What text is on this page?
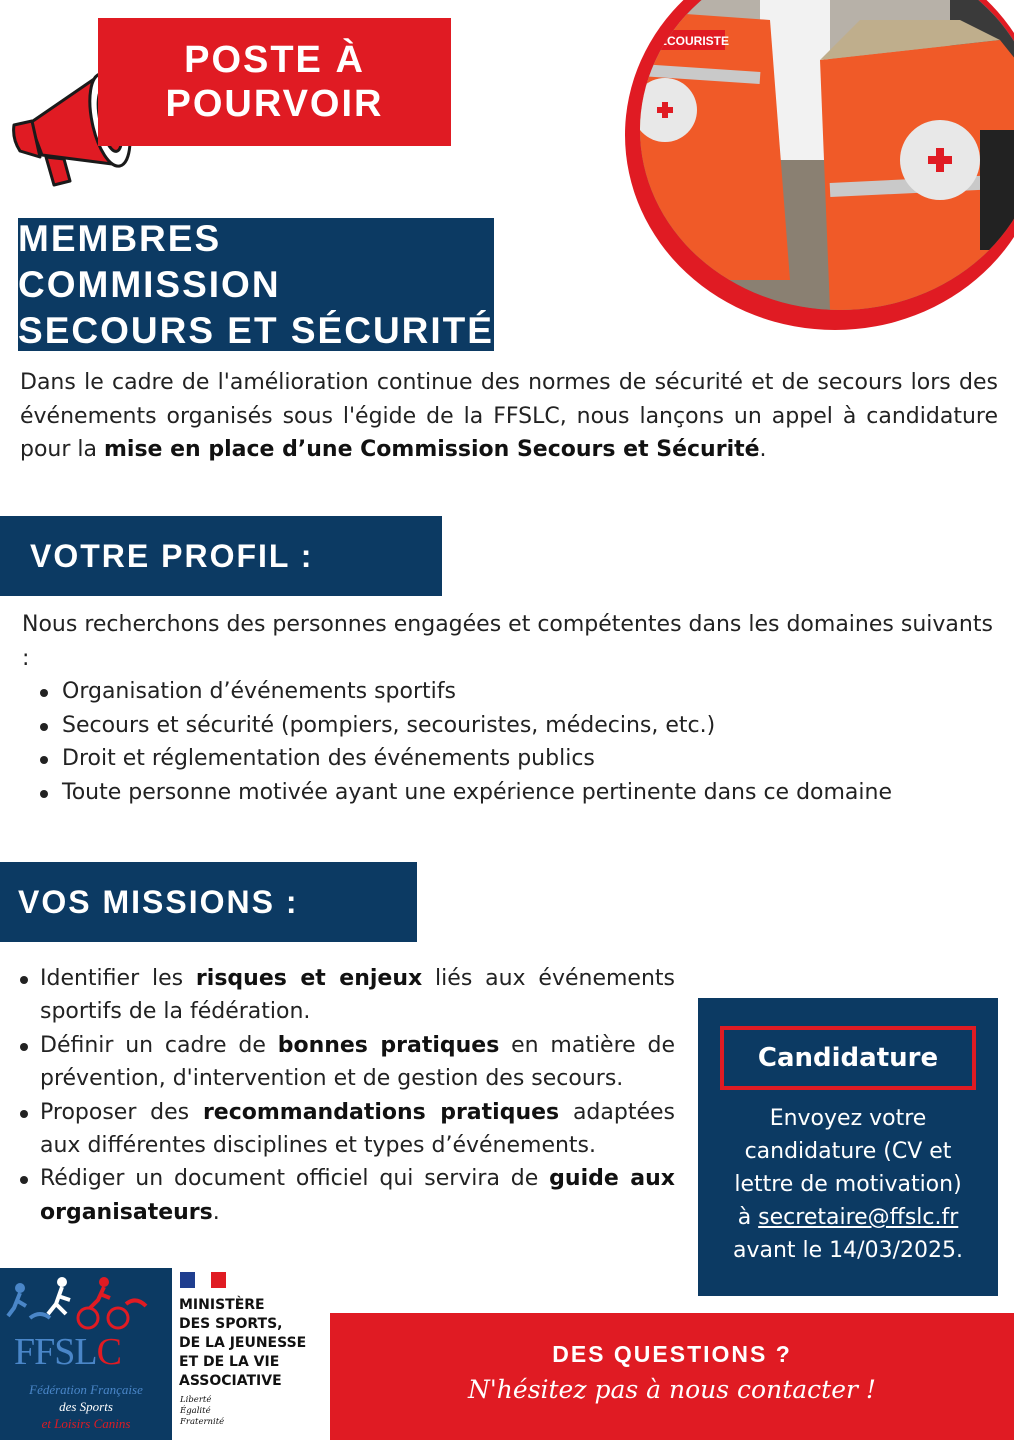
POSTE À
POURVOIR
SECOURISTE
MEMBRES COMMISSION
SECOURS ET SÉCURITÉ

Dans le cadre de l'amélioration continue des normes de sécurité et de secours lors des événements organisés sous l'égide de la FFSLC, nous lançons un appel à candidature pour la mise en place d’une Commission Secours et Sécurité.

VOTRE PROFIL :

Nous recherchons des personnes engagées et compétentes dans les domaines suivants :

Organisation d’événements sportifs
Secours et sécurité (pompiers, secouristes, médecins, etc.)
Droit et réglementation des événements publics
Toute personne motivée ayant une expérience pertinente dans ce domaine
VOS MISSIONS :
Identifier les risques et enjeux liés aux événements sportifs de la fédération.
Définir un cadre de bonnes pratiques en matière de prévention, d'intervention et de gestion des secours.
Proposer des recommandations pratiques adaptées aux différentes disciplines et types d’événements.
Rédiger un document officiel qui servira de guide aux organisateurs.
Candidature
Envoyez votre
candidature (CV et
lettre de motivation)
à secretaire@ffslc.fr
avant le 14/03/2025.
FFSLC
Fédération Française
des Sports
et Loisirs Canins
MINISTÈRE
DES SPORTS,
DE LA JEUNESSE
ET DE LA VIE
ASSOCIATIVE
Liberté
Égalité
Fraternité
DES QUESTIONS ?
N'hésitez pas à nous contacter !
